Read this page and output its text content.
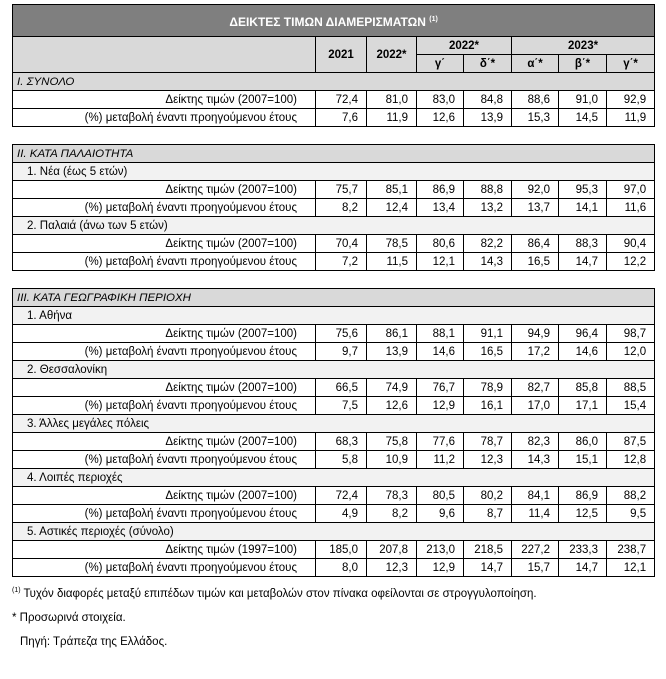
ΔΕΙΚΤΕΣ ΤΙΜΩΝ ΔΙΑΜΕΡΙΣΜΑΤΩΝ $^{(1)}$
	2021	2022*	2022*		2023*		
			γ΄	δ΄*	α΄*	β΄*	γ΄*
Ι. ΣΥΝΟΛΟ							
Δείκτης τιμών (2007=100)	72,4	81,0	83,0	84,8	88,6	91,0	92,9
(%) μεταβολή έναντι προηγούμενου έτους	7,6	11,9	12,6	13,9	15,3	14,5	11,9

ΙΙ. ΚΑΤΑ ΠΑΛΑΙΟΤΗΤΑ							
1. Νέα (έως 5 ετών)							
Δείκτης τιμών (2007=100)	75,7	85,1	86,9	88,8	92,0	95,3	97,0
(%) μεταβολή έναντι προηγούμενου έτους	8,2	12,4	13,4	13,2	13,7	14,1	11,6
2. Παλαιά (άνω των 5 ετών)							
Δείκτης τιμών (2007=100)	70,4	78,5	80,6	82,2	86,4	88,3	90,4
(%) μεταβολή έναντι προηγούμενου έτους	7,2	11,5	12,1	14,3	16,5	14,7	12,2

ΙΙΙ. ΚΑΤΑ ΓΕΩΓΡΑΦΙΚΗ ΠΕΡΙΟΧΗ							
1. Αθήνα							
Δείκτης τιμών (2007=100)	75,6	86,1	88,1	91,1	94,9	96,4	98,7
(%) μεταβολή έναντι προηγούμενου έτους	9,7	13,9	14,6	16,5	17,2	14,6	12,0
2. Θεσσαλονίκη							
Δείκτης τιμών (2007=100)	66,5	74,9	76,7	78,9	82,7	85,8	88,5
(%) μεταβολή έναντι προηγούμενου έτους	7,5	12,6	12,9	16,1	17,0	17,1	15,4
3. Άλλες μεγάλες πόλεις							
Δείκτης τιμών (2007=100)	68,3	75,8	77,6	78,7	82,3	86,0	87,5
(%) μεταβολή έναντι προηγούμενου έτους	5,8	10,9	11,2	12,3	14,3	15,1	12,8
4. Λοιπές περιοχές							
Δείκτης τιμών (2007=100)	72,4	78,3	80,5	80,2	84,1	86,9	88,2
(%) μεταβολή έναντι προηγούμενου έτους	4,9	8,2	9,6	8,7	11,4	12,5	9,5
5. Αστικές περιοχές (σύνολο)							
Δείκτης τιμών (1997=100)	185,0	207,8	213,0	218,5	227,2	233,3	238,7
(%) μεταβολή έναντι προηγούμενου έτους	8,0	12,3	12,9	14,7	15,7	14,7	12,1
$^{(1)}$ Τυχόν διαφορές μεταξύ επιπέδων τιμών και μεταβολών στον πίνακα οφείλονται σε στρογγυλοποίηση.
* Προσωρινά στοιχεία.
Πηγή: Τράπεζα της Ελλάδος.
